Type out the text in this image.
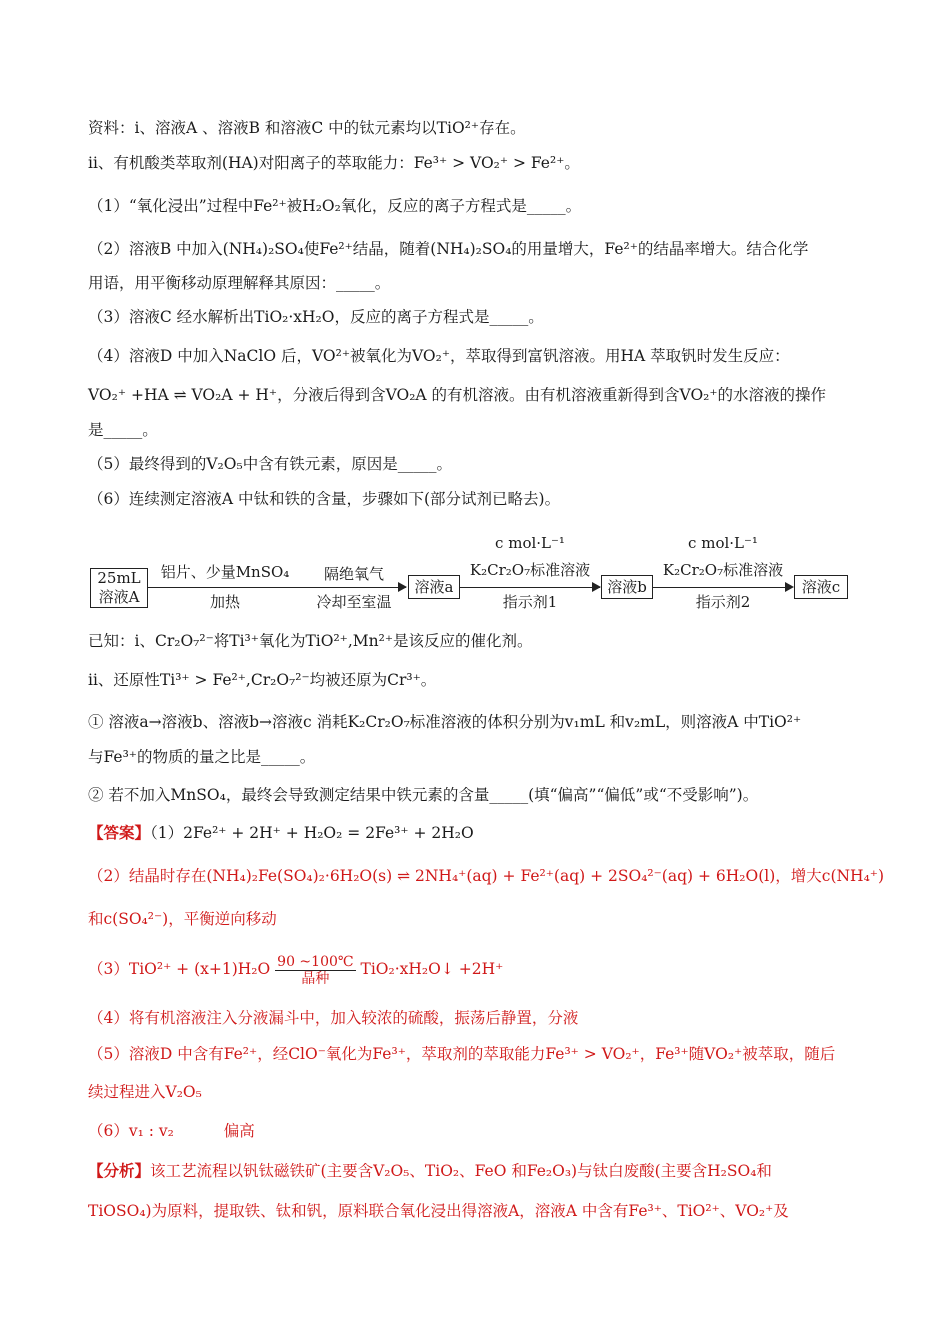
资料：ⅰ、溶液A 、溶液B 和溶液C 中的钛元素均以TiO²⁺存在。
ⅱ、有机酸类萃取剂(HA)对阳离子的萃取能力：Fe³⁺ > VO₂⁺ > Fe²⁺。
（1）“氧化浸出”过程中Fe²⁺被H₂O₂氧化，反应的离子方程式是_____。
（2）溶液B 中加入(NH₄)₂SO₄使Fe²⁺结晶，随着(NH₄)₂SO₄的用量增大，Fe²⁺的结晶率增大。结合化学
用语，用平衡移动原理解释其原因：_____。
（3）溶液C 经水解析出TiO₂·xH₂O，反应的离子方程式是_____。
（4）溶液D 中加入NaClO 后，VO²⁺被氧化为VO₂⁺，萃取得到富钒溶液。用HA 萃取钒时发生反应：
VO₂⁺ +HA ⇌ VO₂A + H⁺，分液后得到含VO₂A 的有机溶液。由有机溶液重新得到含VO₂⁺的水溶液的操作
是_____。
（5）最终得到的V₂O₅中含有铁元素，原因是_____。
（6）连续测定溶液A 中钛和铁的含量，步骤如下(部分试剂已略去)。
25mL
溶液A
铝片、少量MnSO₄
加热
隔绝氧气
冷却至室温
溶液a
c mol·L⁻¹
K₂Cr₂O₇标准溶液
指示剂1
溶液b
c mol·L⁻¹
K₂Cr₂O₇标准溶液
指示剂2
溶液c
已知：ⅰ、Cr₂O₇²⁻将Ti³⁺氧化为TiO²⁺,Mn²⁺是该反应的催化剂。
ⅱ、还原性Ti³⁺ > Fe²⁺,Cr₂O₇²⁻均被还原为Cr³⁺。
① 溶液a→溶液b、溶液b→溶液c 消耗K₂Cr₂O₇标准溶液的体积分别为v₁mL 和v₂mL，则溶液A 中TiO²⁺
与Fe³⁺的物质的量之比是_____。
② 若不加入MnSO₄，最终会导致测定结果中铁元素的含量_____(填“偏高”“偏低”或“不受影响”)。
【答案】（1）2Fe²⁺ + 2H⁺ + H₂O₂ = 2Fe³⁺ + 2H₂O
（2）结晶时存在(NH₄)₂Fe(SO₄)₂·6H₂O(s) ⇌ 2NH₄⁺(aq) + Fe²⁺(aq) + 2SO₄²⁻(aq) + 6H₂O(l)，增大c(NH₄⁺)
和c(SO₄²⁻)，平衡逆向移动
$(3)TiO^{2+} + (x+1)H_2O \frac{90 \sim 100℃}{\text{晶种}}$ TiO₂·xH₂O↓ +2H⁺
（4）将有机溶液注入分液漏斗中，加入较浓的硫酸，振荡后静置，分液
（5）溶液D 中含有Fe²⁺，经ClO⁻氧化为Fe³⁺，萃取剂的萃取能力Fe³⁺ > VO₂⁺，Fe³⁺随VO₂⁺被萃取，随后
续过程进入V₂O₅
（6）v₁ : v₂	偏高
【分析】该工艺流程以钒钛磁铁矿(主要含V₂O₅、TiO₂、FeO 和Fe₂O₃)与钛白废酸(主要含H₂SO₄和
TiOSO₄)为原料，提取铁、钛和钒，原料联合氧化浸出得溶液A，溶液A 中含有Fe³⁺、TiO²⁺、VO₂⁺及
